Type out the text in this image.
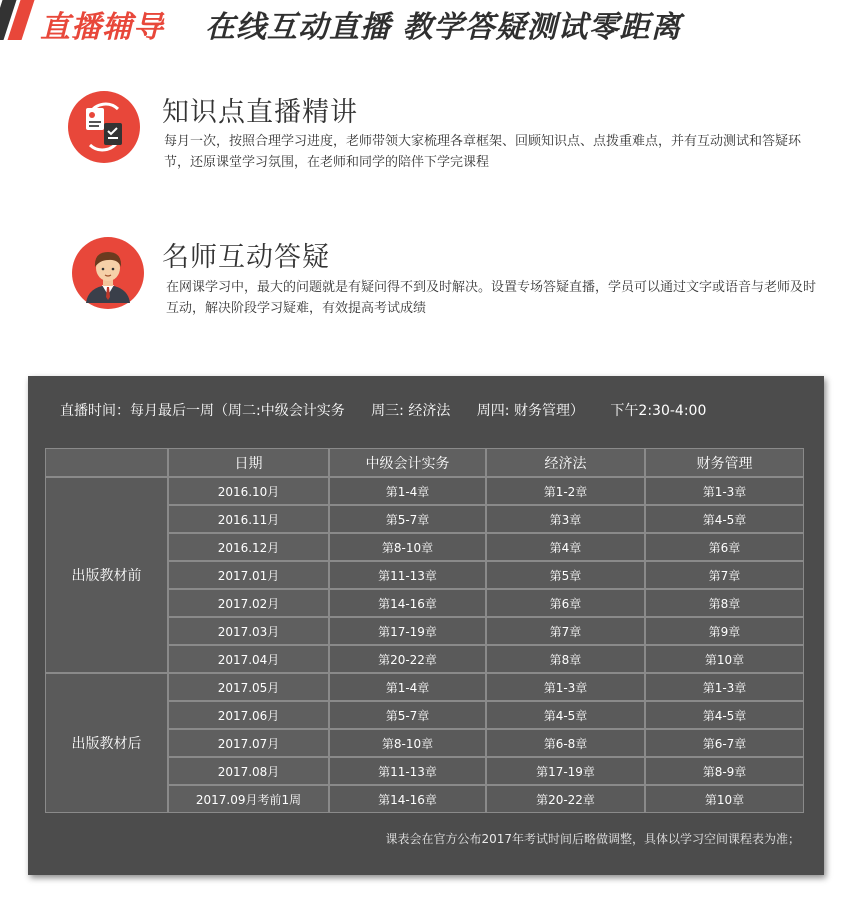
直播辅导 在线互动直播 教学答疑测试零距离
知识点直播精讲
每月一次，按照合理学习进度，老师带领大家梳理各章框架、回顾知识点、点拨重难点，并有互动测试和答疑环节，还原课堂学习氛围，在老师和同学的陪伴下学完课程
名师互动答疑
在网课学习中，最大的问题就是有疑问得不到及时解决。设置专场答疑直播，学员可以通过文字或语音与老师及时互动，解决阶段学习疑难，有效提高考试成绩
直播时间：每月最后一周（周二:中级会计实务 周三: 经济法 周四: 财务管理） 下午2:30-4:00
	日期	中级会计实务	经济法	财务管理
出版教材前	2016.10月	第1-4章	第1-2章	第1-3章
	2016.11月	第5-7章	第3章	第4-5章
	2016.12月	第8-10章	第4章	第6章
	2017.01月	第11-13章	第5章	第7章
	2017.02月	第14-16章	第6章	第8章
	2017.03月	第17-19章	第7章	第9章
	2017.04月	第20-22章	第8章	第10章
出版教材后	2017.05月	第1-4章	第1-3章	第1-3章
	2017.06月	第5-7章	第4-5章	第4-5章
	2017.07月	第8-10章	第6-8章	第6-7章
	2017.08月	第11-13章	第17-19章	第8-9章
	2017.09月考前1周	第14-16章	第20-22章	第10章
课表会在官方公布2017年考试时间后略做调整，具体以学习空间课程表为准；
